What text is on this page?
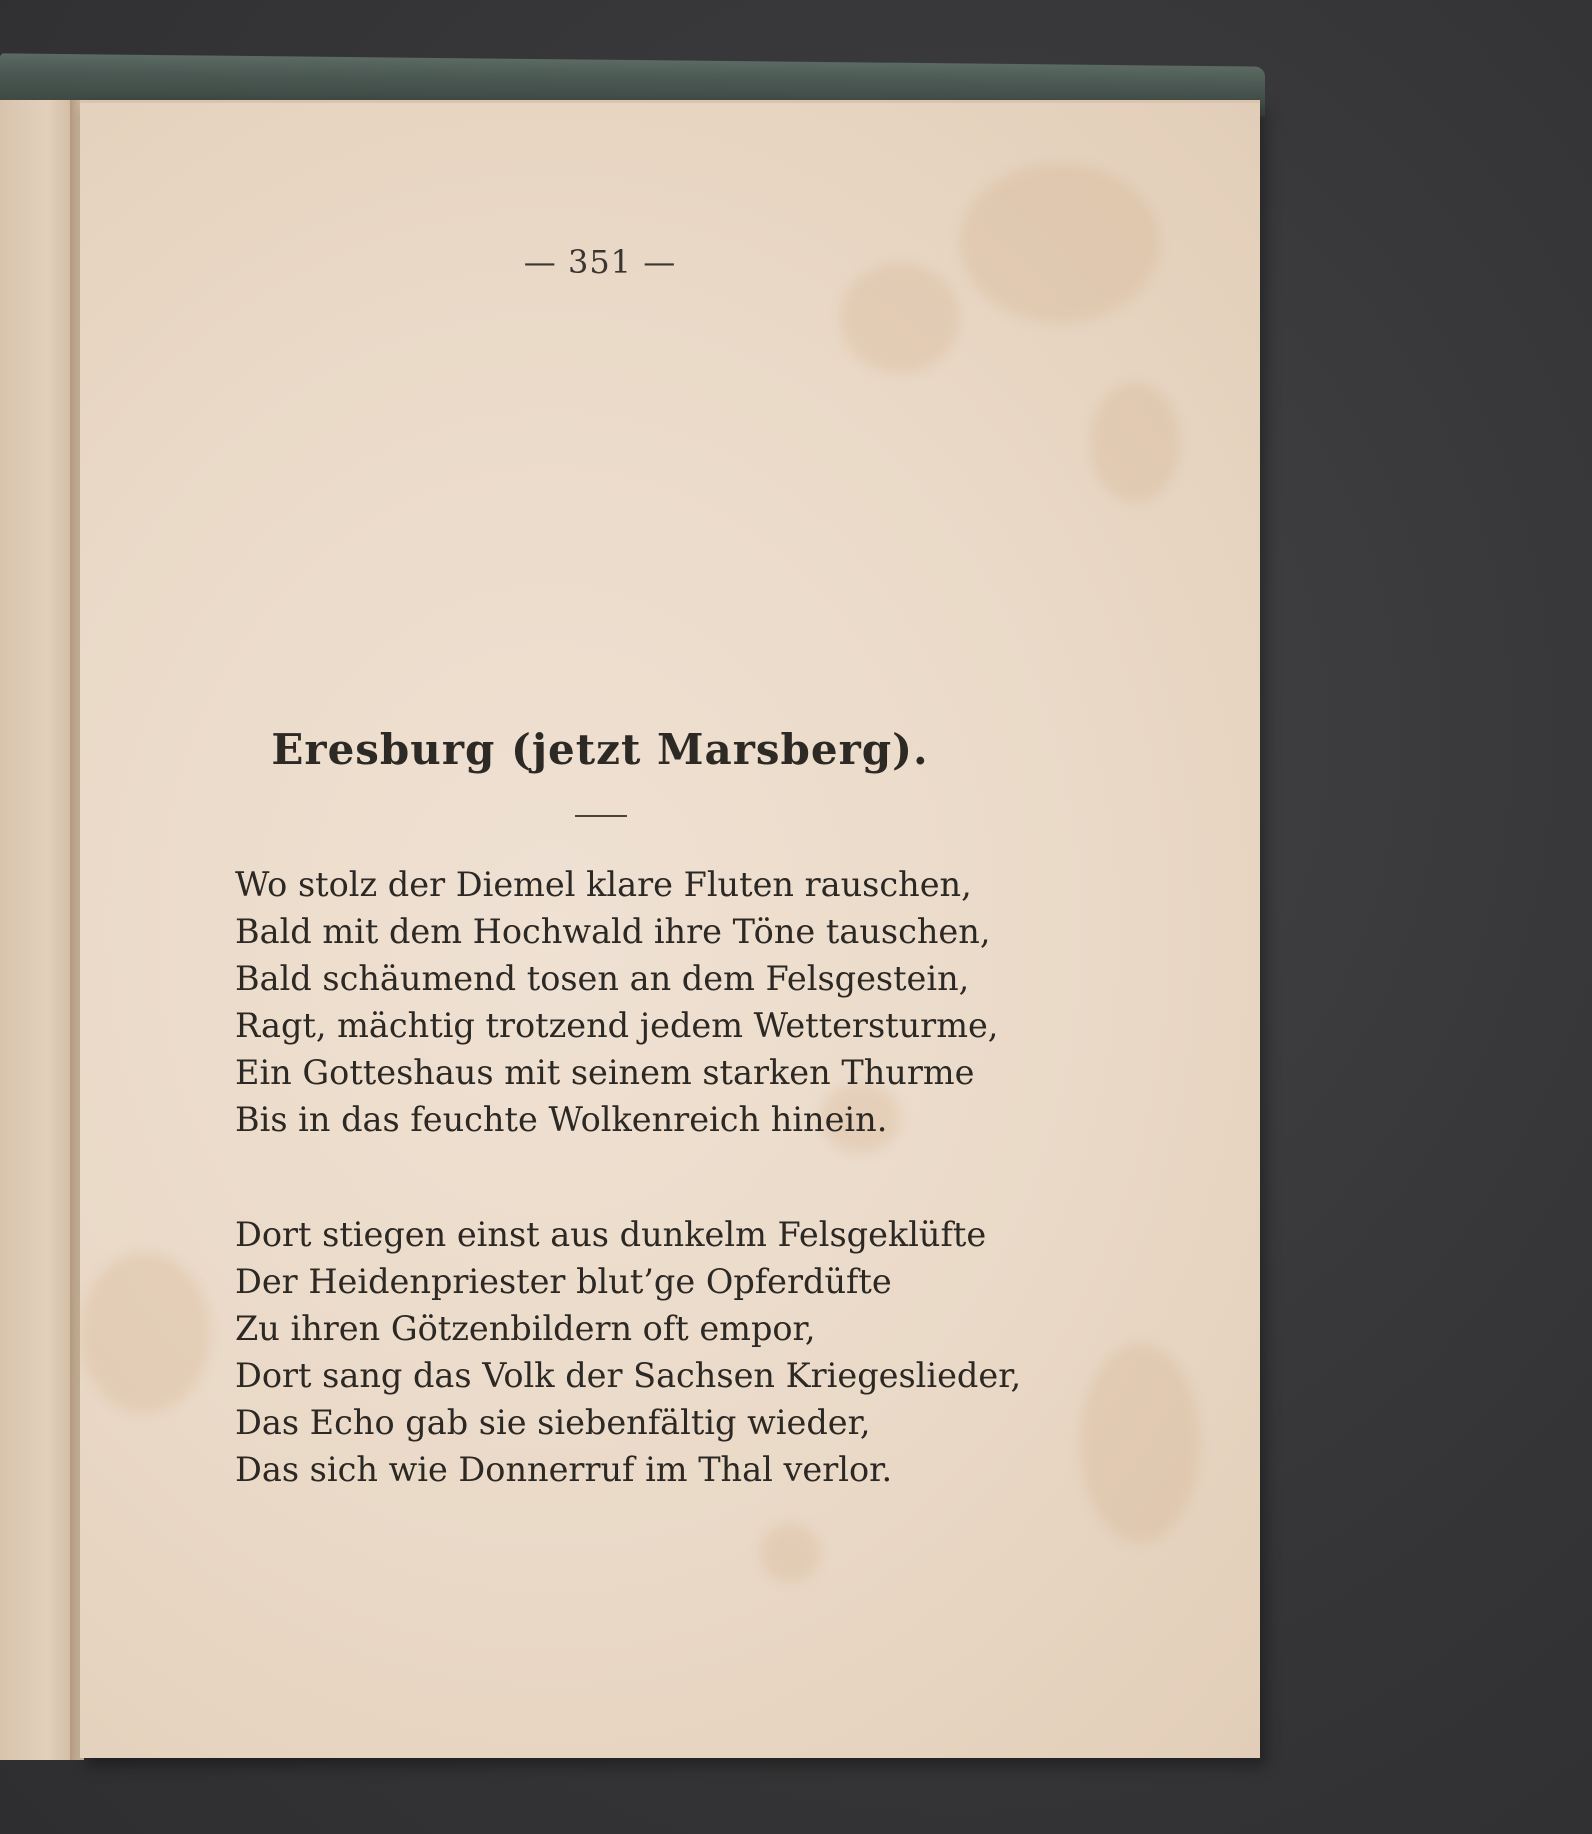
— 351 —
Eresburg (jetzt Marsberg).
Wo stolz der Diemel klare Fluten rauschen,
Bald mit dem Hochwald ihre Töne tauschen,
Bald schäumend tosen an dem Felsgestein,
Ragt, mächtig trotzend jedem Wettersturme,
Ein Gotteshaus mit seinem starken Thurme
Bis in das feuchte Wolkenreich hinein.
Dort stiegen einst aus dunkelm Felsgeklüfte
Der Heidenpriester blut’ge Opferdüfte
Zu ihren Götzenbildern oft empor,
Dort sang das Volk der Sachsen Kriegeslieder,
Das Echo gab sie siebenfältig wieder,
Das sich wie Donnerruf im Thal verlor.
